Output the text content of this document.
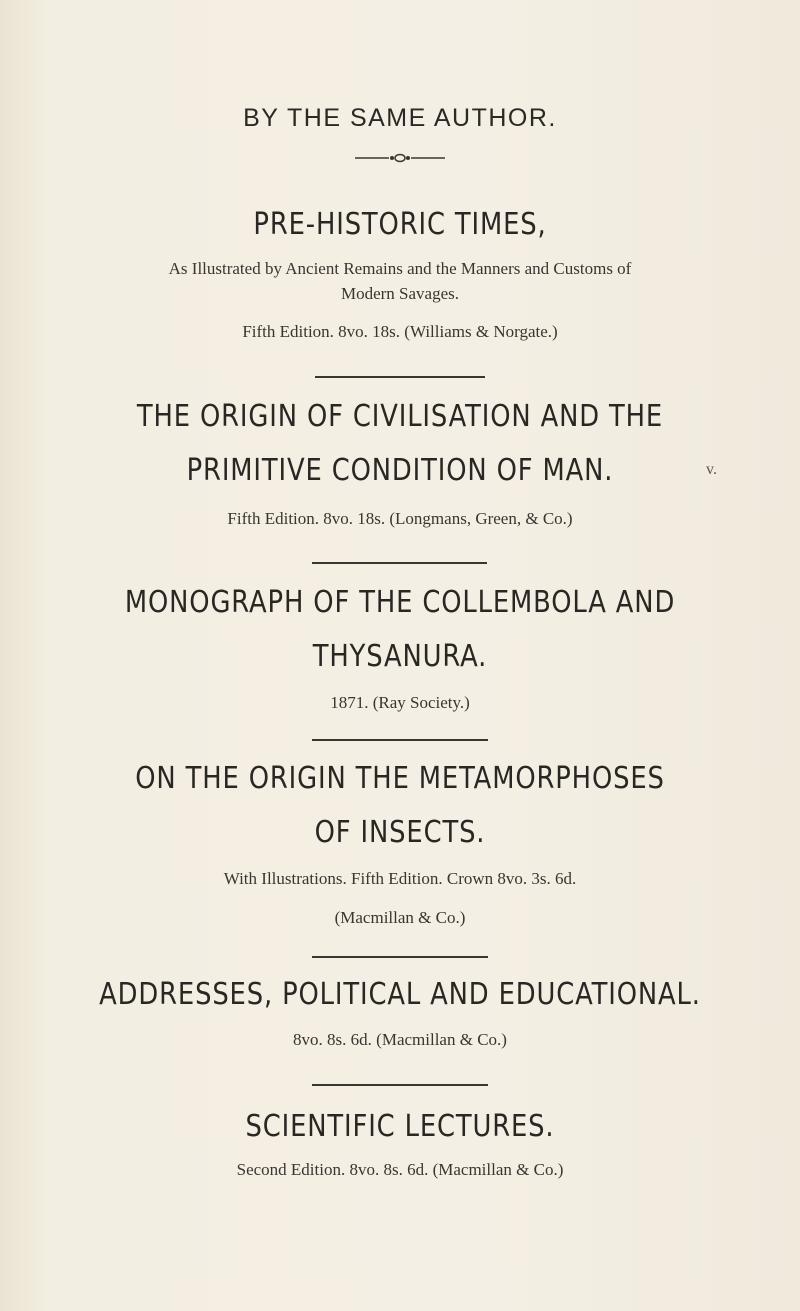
BY THE SAME AUTHOR.
PRE-HISTORIC TIMES,
As Illustrated by Ancient Remains and the Manners and Customs of
Modern Savages.
Fifth Edition. 8vo. 18s. (Williams & Norgate.)
THE ORIGIN OF CIVILISATION AND THE
PRIMITIVE CONDITION OF MAN.
Fifth Edition. 8vo. 18s. (Longmans, Green, & Co.)
v.
MONOGRAPH OF THE COLLEMBOLA AND
THYSANURA.
1871. (Ray Society.)
ON THE ORIGIN THE METAMORPHOSES
OF INSECTS.
With Illustrations. Fifth Edition. Crown 8vo. 3s. 6d.
(Macmillan & Co.)
ADDRESSES, POLITICAL AND EDUCATIONAL.
8vo. 8s. 6d. (Macmillan & Co.)
SCIENTIFIC LECTURES.
Second Edition. 8vo. 8s. 6d. (Macmillan & Co.)
